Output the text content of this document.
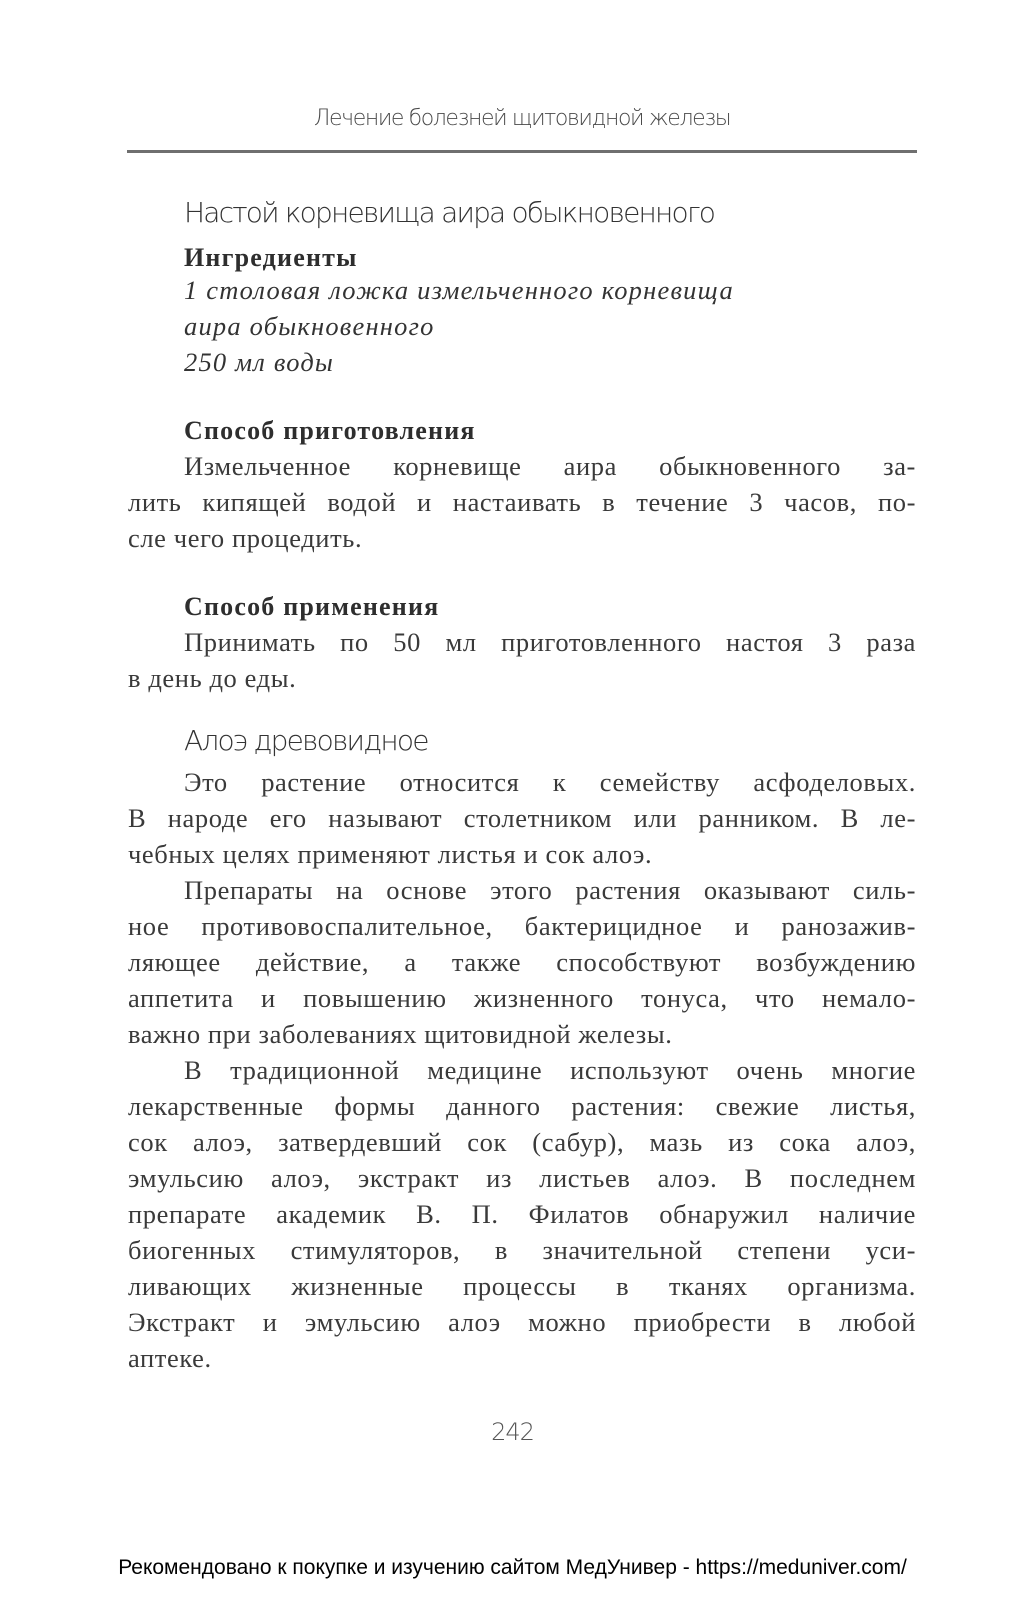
Лечение болезней щитовидной железы
Настой корневища аира обыкновенного
Ингредиенты
1 столовая ложка измельченного корневища
аира обыкновенного
250 мл воды
Способ приготовления
Измельченное корневище аира обыкновенного за-
лить кипящей водой и настаивать в течение 3 часов, по-
сле чего процедить.
Способ применения
Принимать по 50 мл приготовленного настоя 3 раза
в день до еды.
Алоэ древовидное
Это растение относится к семейству асфоделовых.
В народе его называют столетником или ранником. В ле-
чебных целях применяют листья и сок алоэ.
Препараты на основе этого растения оказывают силь-
ное противовоспалительное, бактерицидное и ранозажив-
ляющее действие, а также способствуют возбуждению
аппетита и повышению жизненного тонуса, что немало-
важно при заболеваниях щитовидной железы.
В традиционной медицине используют очень многие
лекарственные формы данного растения: свежие листья,
сок алоэ, затвердевший сок (сабур), мазь из сока алоэ,
эмульсию алоэ, экстракт из листьев алоэ. В последнем
препарате академик В. П. Филатов обнаружил наличие
биогенных стимуляторов, в значительной степени уси-
ливающих жизненные процессы в тканях организма.
Экстракт и эмульсию алоэ можно приобрести в любой
аптеке.
242
Рекомендовано к покупке и изучению сайтом МедУнивер - https://meduniver.com/
